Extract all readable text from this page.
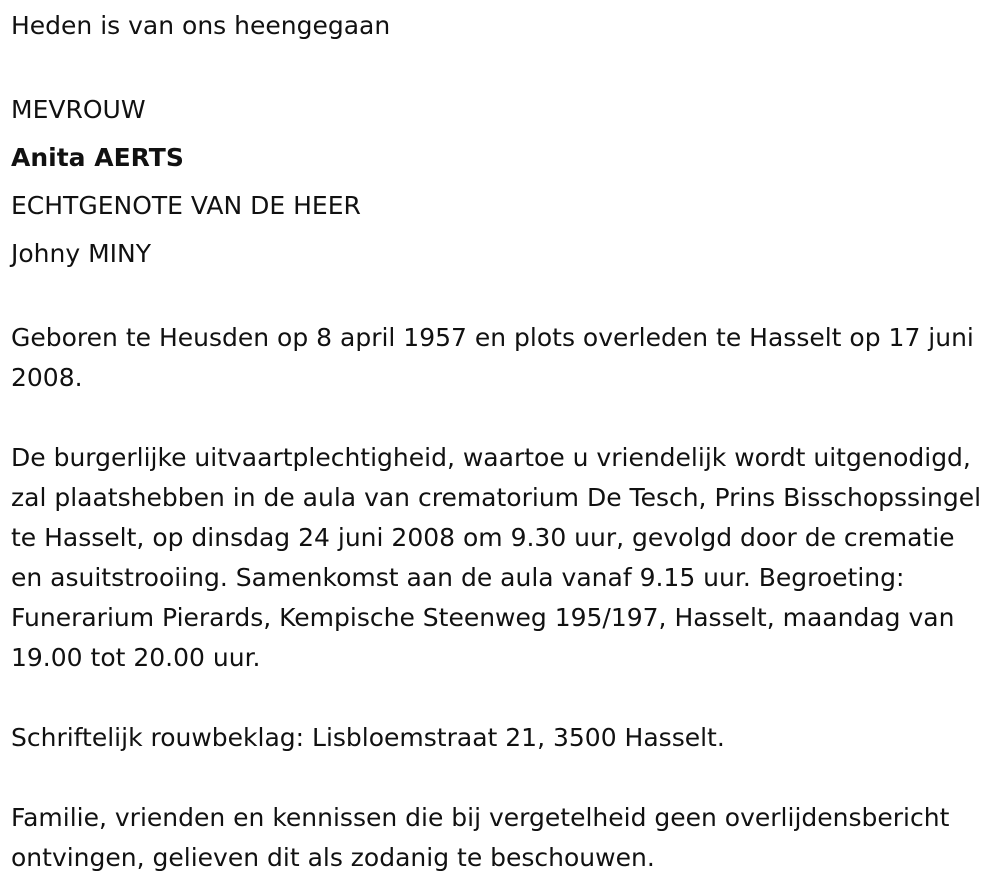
Heden is van ons heengegaan

MEVROUW

Anita AERTS

ECHTGENOTE VAN DE HEER

Johny MINY

Geboren te Heusden op 8 april 1957 en plots overleden te Hasselt op 17 juni 2008.

De burgerlijke uitvaartplechtigheid, waartoe u vriendelijk wordt uitgenodigd, zal plaatshebben in de aula van crematorium De Tesch, Prins Bisschopssingel te Hasselt, op dinsdag 24 juni 2008 om 9.30 uur, gevolgd door de crematie en asuitstrooiing. Samenkomst aan de aula vanaf 9.15 uur. Begroeting: Funerarium Pierards, Kempische Steenweg 195/197, Hasselt, maandag van 19.00 tot 20.00 uur.

Schriftelijk rouwbeklag: Lisbloemstraat 21, 3500 Hasselt.

Familie, vrienden en kennissen die bij vergetelheid geen overlijdensbericht ontvingen, gelieven dit als zodanig te beschouwen.
